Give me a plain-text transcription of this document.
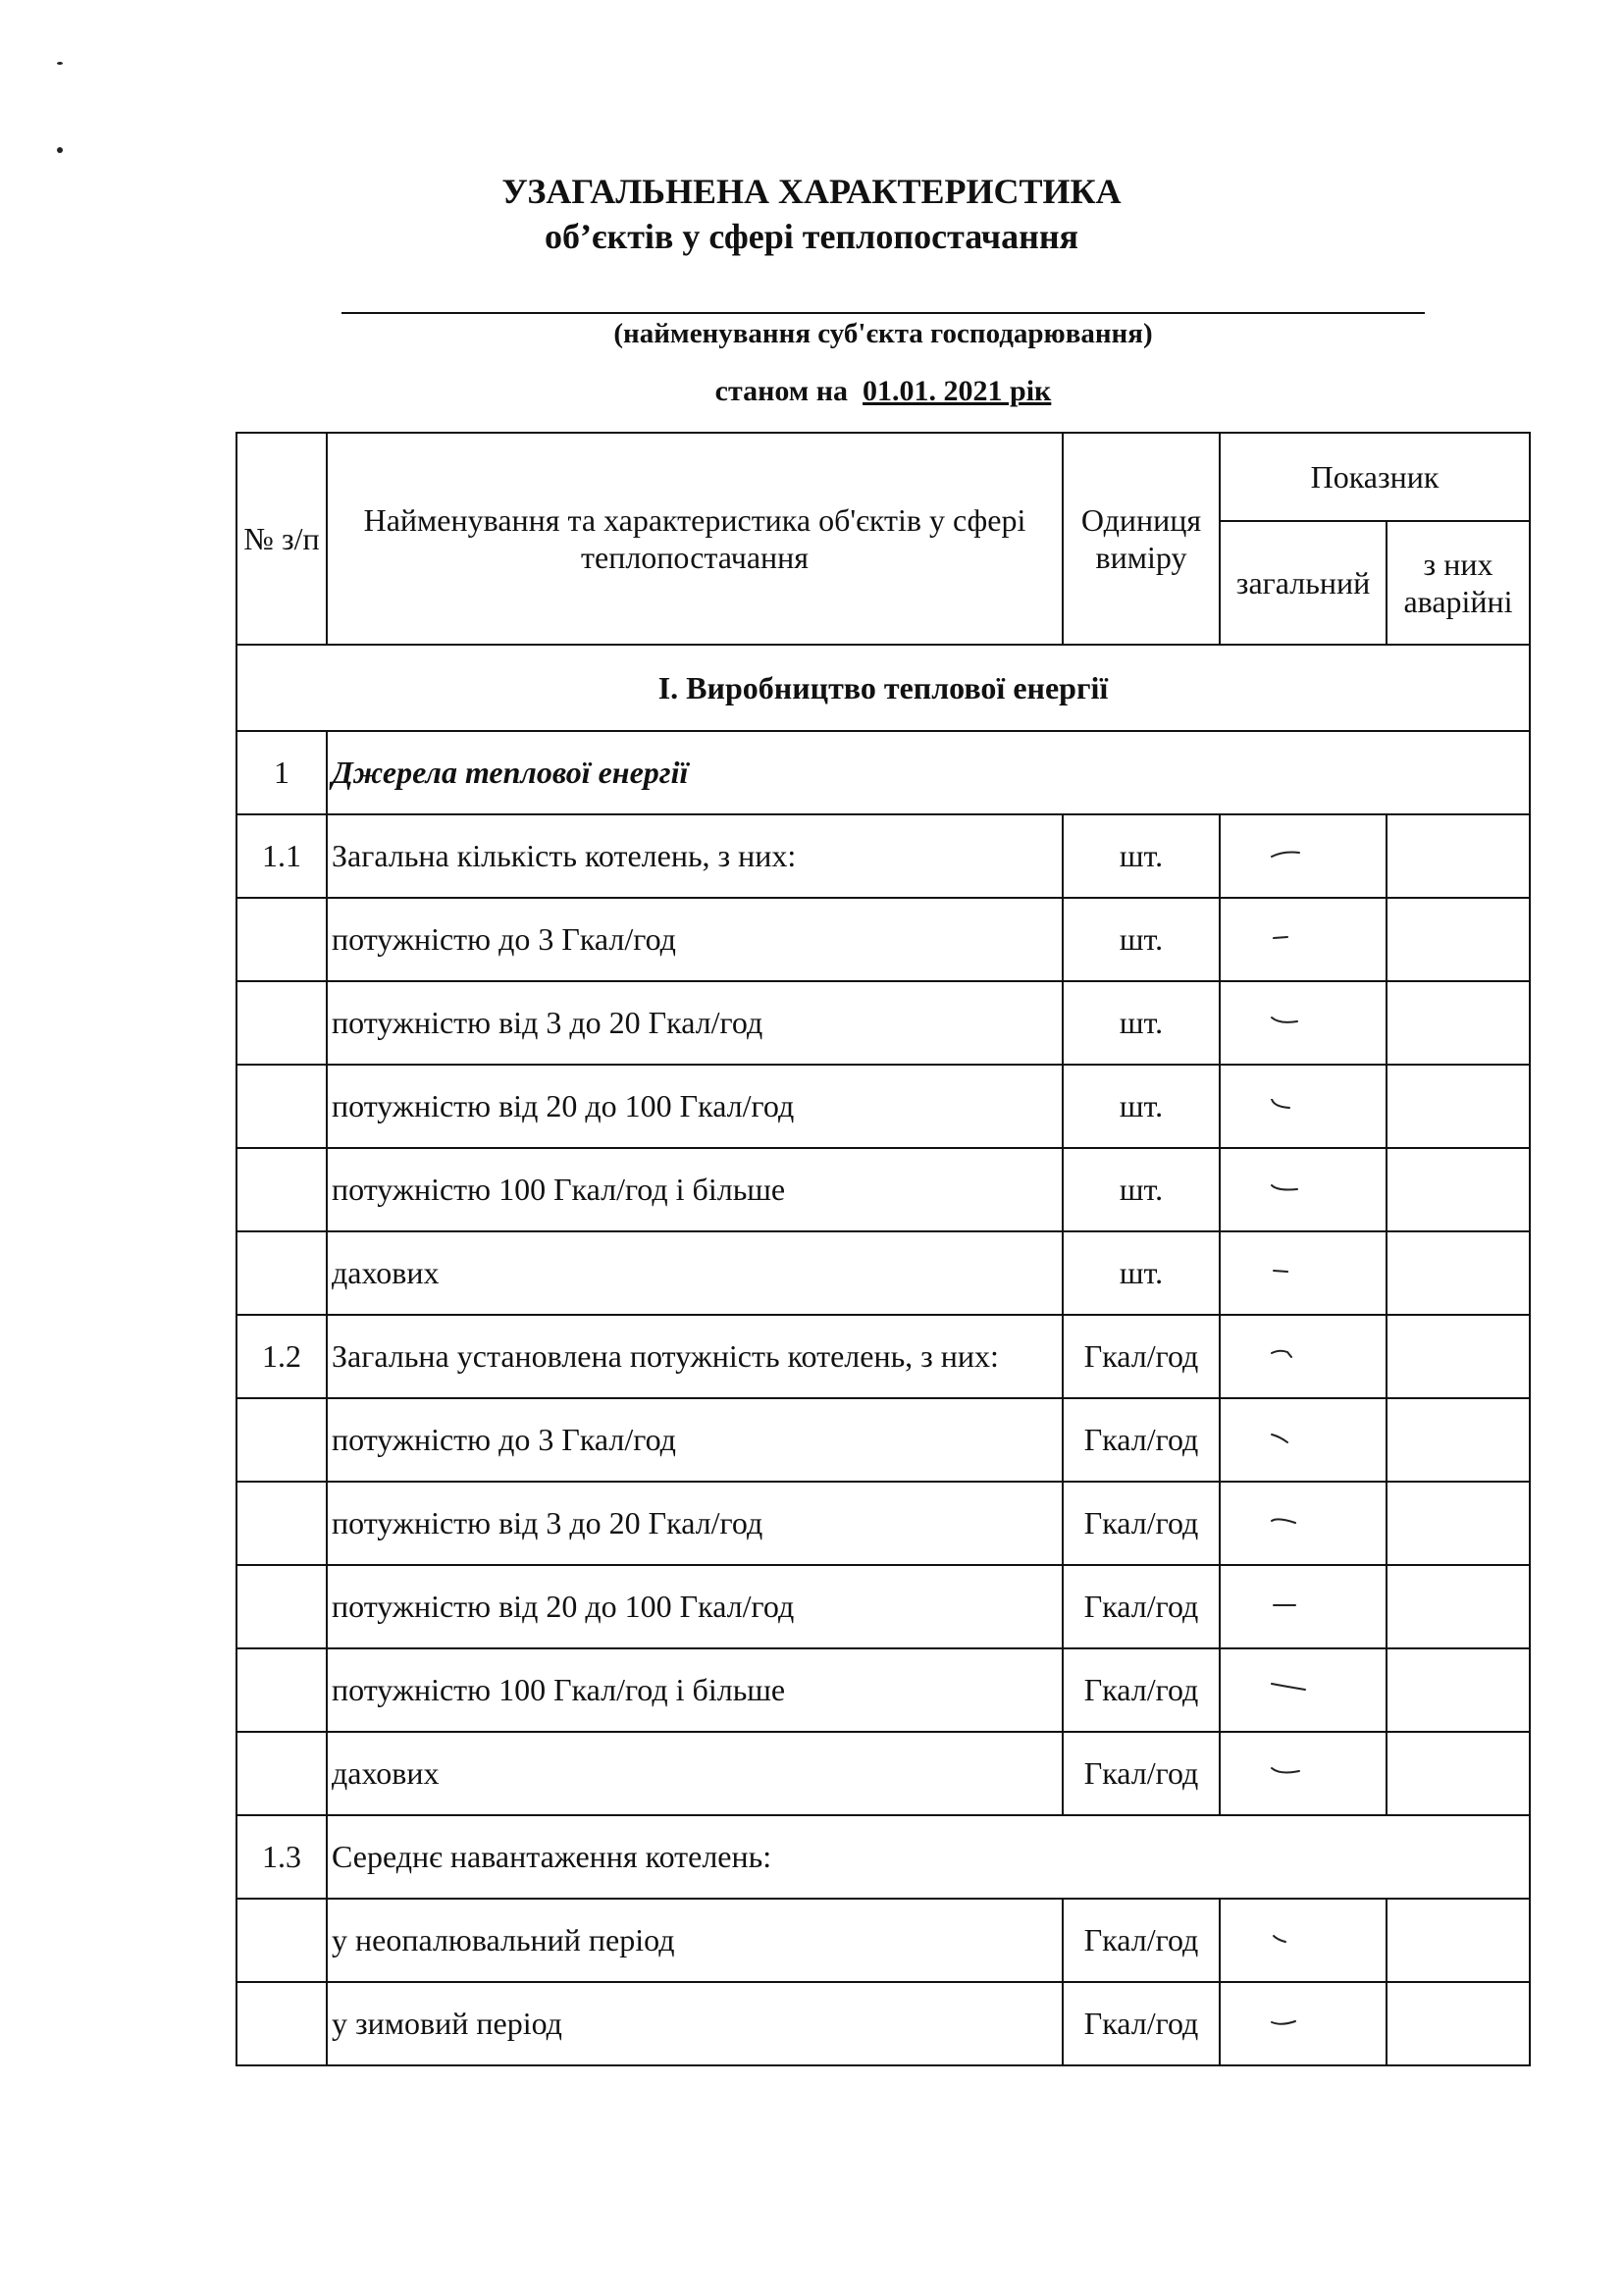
УЗАГАЛЬНЕНА ХАРАКТЕРИСТИКА
об’єктів у сфері теплопостачання
(найменування суб'єкта господарювання)
станом на 01.01. 2021 рік
№ з/п	Найменування та характеристика об'єктів у сфері теплопостачання	Одиниця виміру	Показник	
			загальний	з них аварійні
I. Виробництво теплової енергії				
1	Джерела теплової енергії			
1.1	Загальна кількість котелень, з них:	шт.	

	потужністю до 3 Гкал/год	шт.	

	потужністю від 3 до 20 Гкал/год	шт.	

	потужністю від 20 до 100 Гкал/год	шт.	

	потужністю 100 Гкал/год і більше	шт.	

	дахових	шт.	

1.2	Загальна установлена потужність котелень, з них:	Гкал/год	

	потужністю до 3 Гкал/год	Гкал/год	

	потужністю від 3 до 20 Гкал/год	Гкал/год	

	потужністю від 20 до 100 Гкал/год	Гкал/год	

	потужністю 100 Гкал/год і більше	Гкал/год	

	дахових	Гкал/год	

1.3	Середнє навантаження котелень:			
	у неопалювальний період	Гкал/год	

	у зимовий період	Гкал/год	
